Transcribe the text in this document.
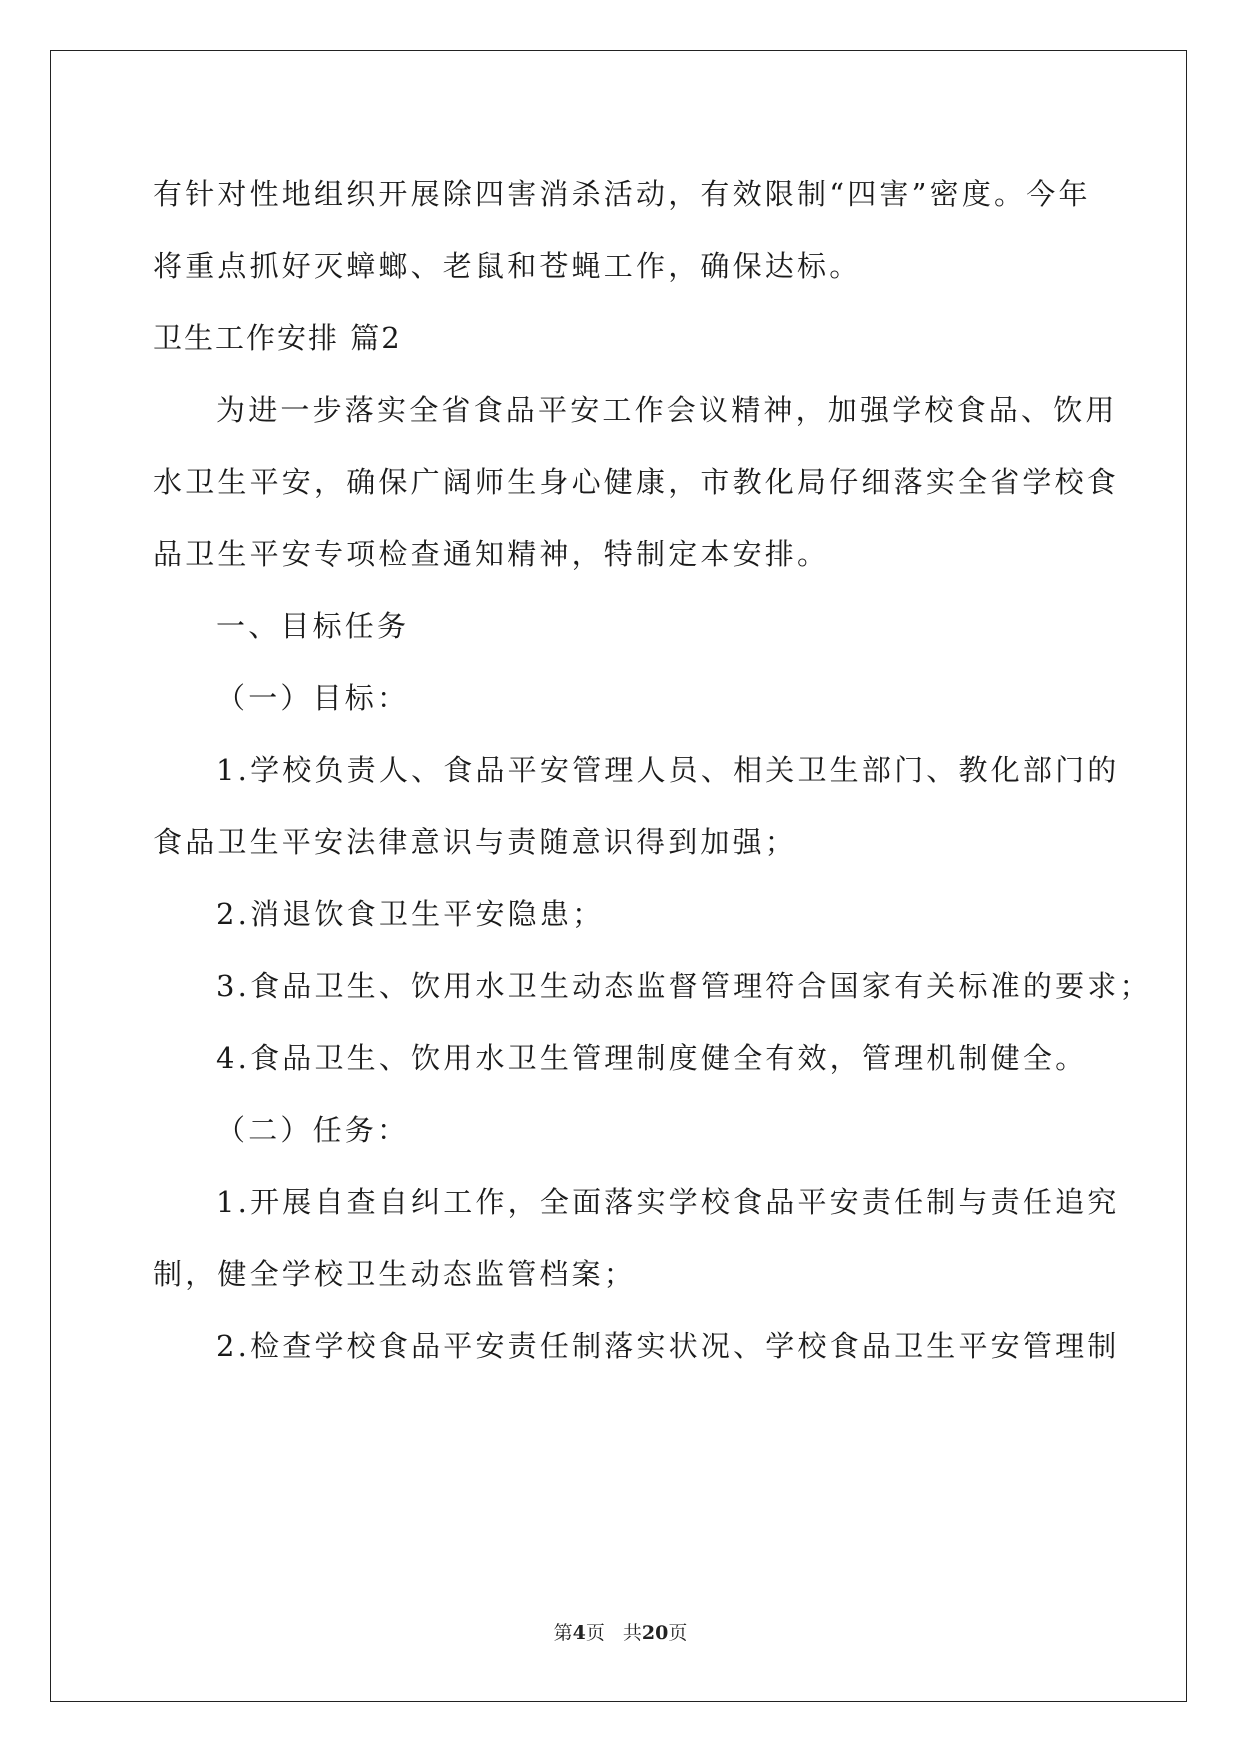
有针对性地组织开展除四害消杀活动，有效限制“四害”密度。今年
将重点抓好灭蟑螂、老鼠和苍蝇工作，确保达标。
卫生工作安排 篇2
为进一步落实全省食品平安工作会议精神，加强学校食品、饮用
水卫生平安，确保广阔师生身心健康，市教化局仔细落实全省学校食
品卫生平安专项检查通知精神，特制定本安排。
一、目标任务
（一）目标：
1.学校负责人、食品平安管理人员、相关卫生部门、教化部门的
食品卫生平安法律意识与责随意识得到加强；
2.消退饮食卫生平安隐患；
3.食品卫生、饮用水卫生动态监督管理符合国家有关标准的要求；
4.食品卫生、饮用水卫生管理制度健全有效，管理机制健全。
（二）任务：
1.开展自查自纠工作，全面落实学校食品平安责任制与责任追究
制，健全学校卫生动态监管档案；
2.检查学校食品平安责任制落实状况、学校食品卫生平安管理制
第4页 共20页
